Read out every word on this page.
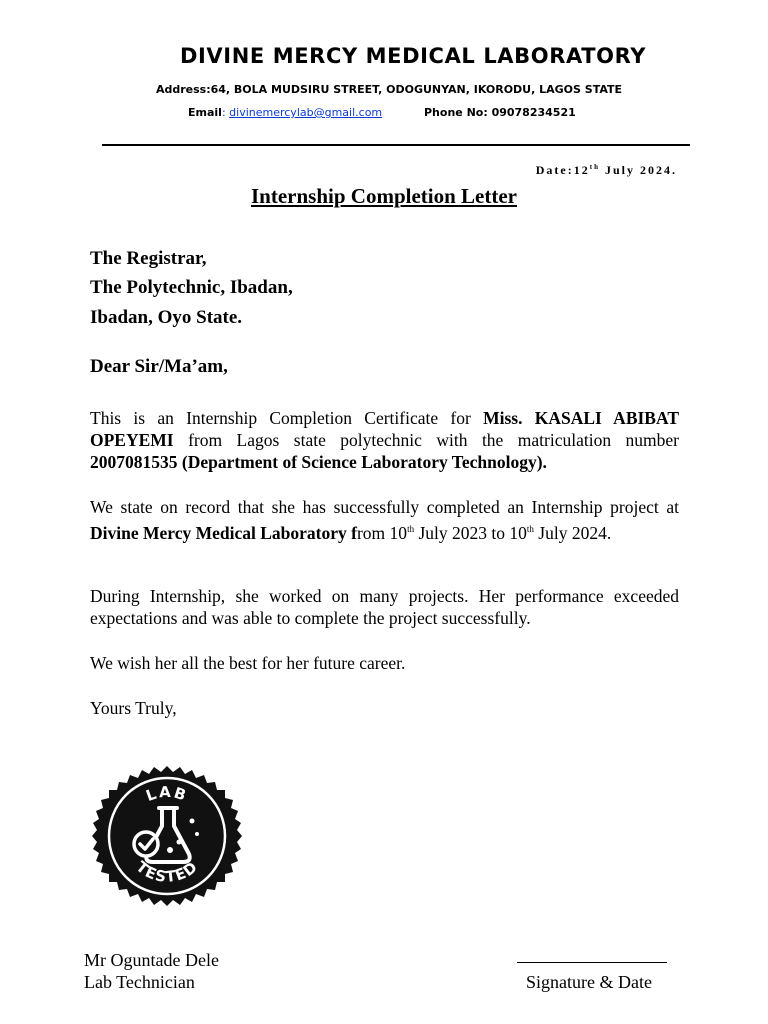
DIVINE MERCY MEDICAL LABORATORY
Address:64, BOLA MUDSIRU STREET, ODOGUNYAN, IKORODU, LAGOS STATE
Email: divinemercylab@gmail.com	Phone No: 09078234521
Date:12th July 2024.
Internship Completion Letter
The Registrar,
The Polytechnic, Ibadan,
Ibadan, Oyo State.
Dear Sir/Ma’am,
This is an Internship Completion Certificate for Miss. KASALI ABIBAT OPEYEMI from Lagos state polytechnic with the matriculation number 2007081535 (Department of Science Laboratory Technology).
We state on record that she has successfully completed an Internship project at Divine Mercy Medical Laboratory from 10th July 2023 to 10th July 2024.
During Internship, she worked on many projects. Her performance exceeded expectations and was able to complete the project successfully.
We wish her all the best for her future career.
Yours Truly,
LAB
TESTED
Mr Oguntade Dele
Lab Technician	Signature & Date
